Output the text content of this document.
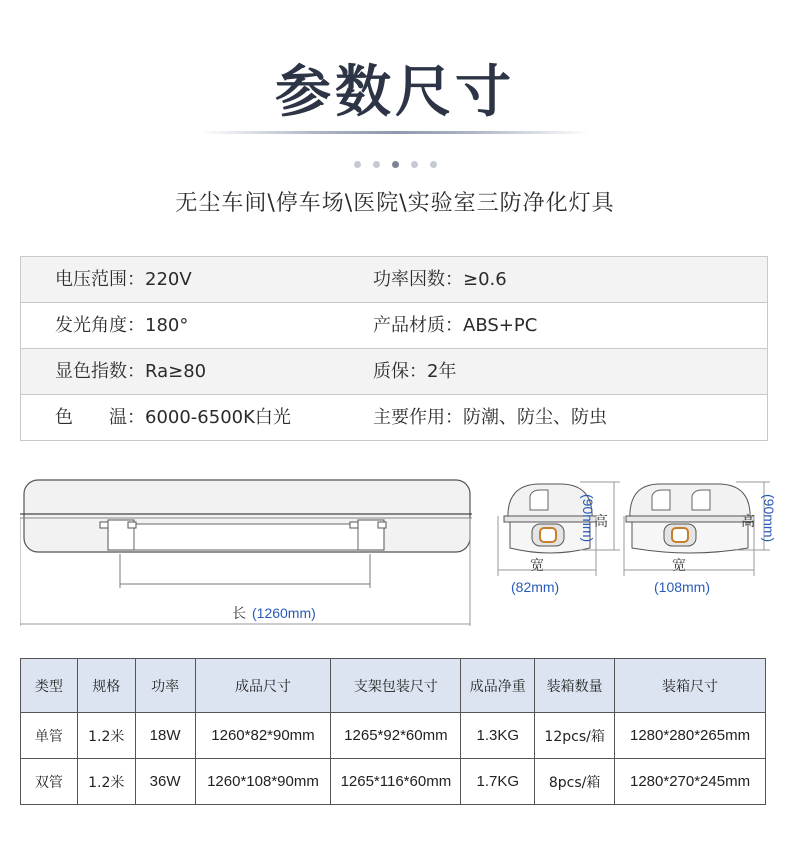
参数尺寸
无尘车间\停车场\医院\实验室三防净化灯具
电压范围：220V	功率因数：≥0.6
发光角度：180°	产品材质：ABS+PC
显色指数：Ra≥80	质保：2年
色　　温：6000-6500K白光	主要作用：防潮、防尘、防虫
长 (1260mm)
宽
(82mm)
高
(90mm)
宽
(108mm)
高 (90mm)
类型	规格	功率	成品尺寸	支架包装尺寸	成品净重	装箱数量	装箱尺寸
单管	1.2米	18W	1260*82*90mm	1265*92*60mm	1.3KG	12pcs/箱	1280*280*265mm
双管	1.2米	36W	1260*108*90mm	1265*116*60mm	1.7KG	8pcs/箱	1280*270*245mm
